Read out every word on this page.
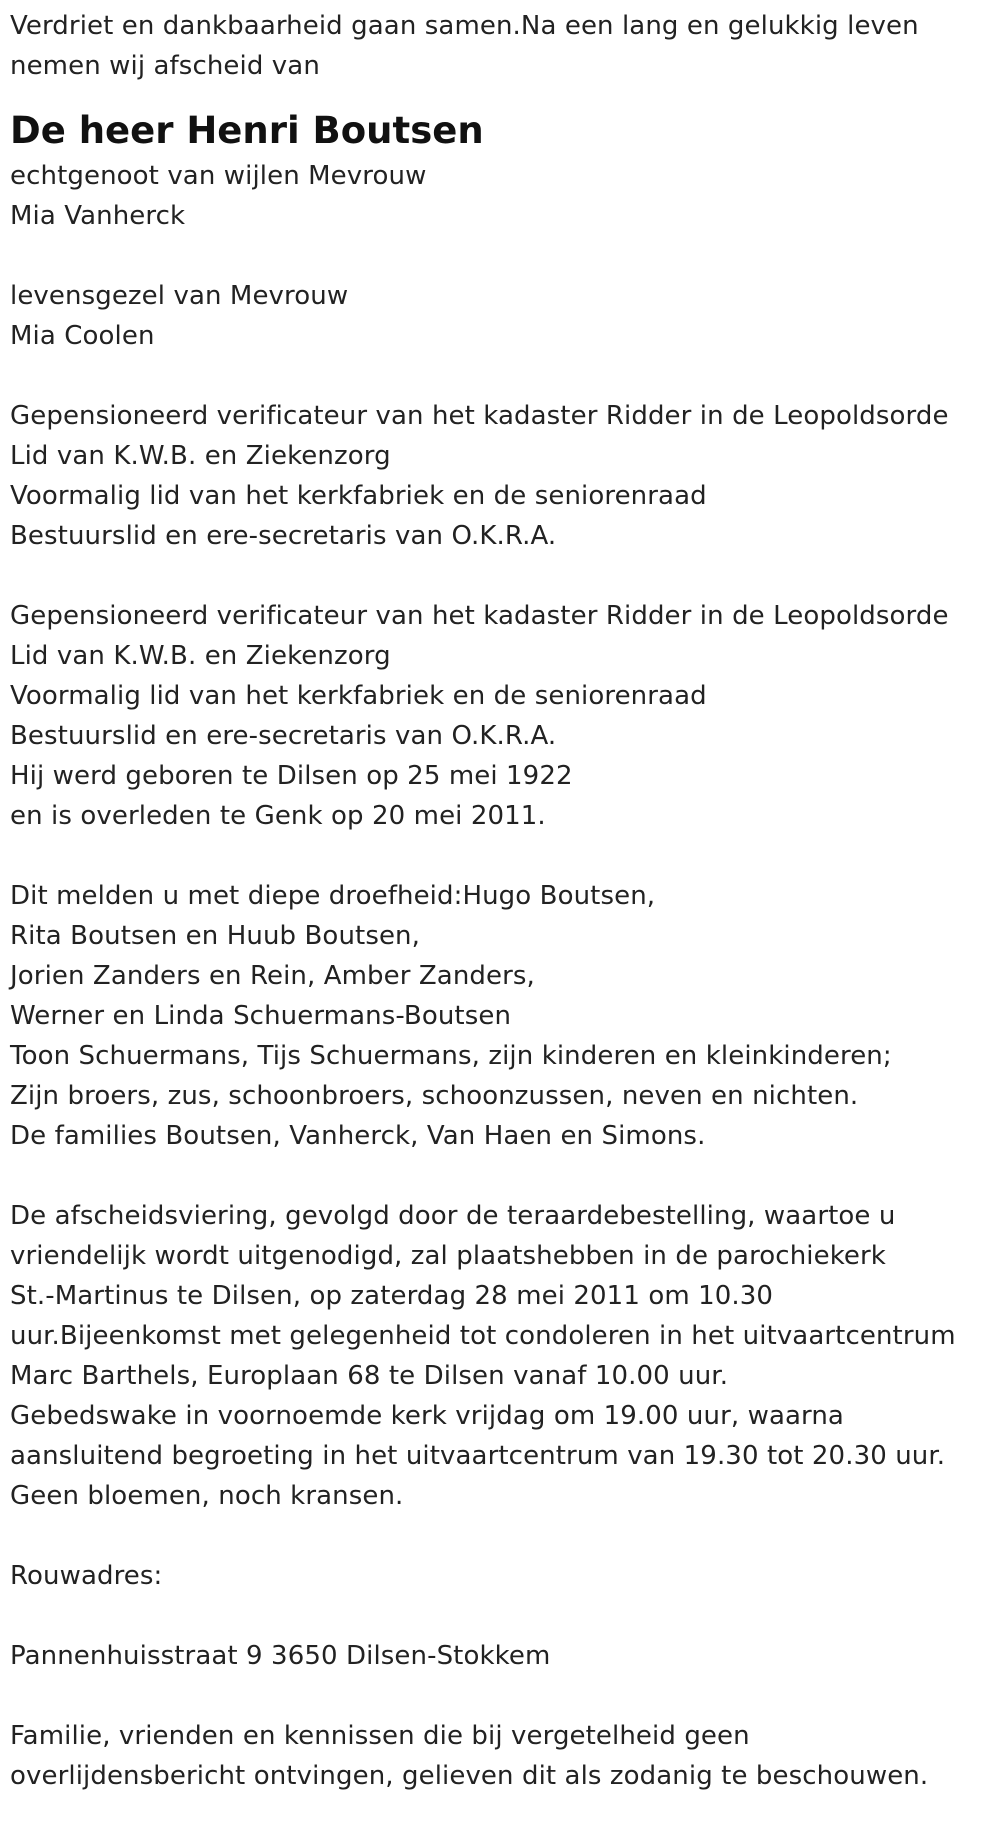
Verdriet en dankbaarheid gaan samen.Na een lang en gelukkig leven
nemen wij afscheid van
De heer Henri Boutsen
echtgenoot van wijlen Mevrouw
Mia Vanherck
levensgezel van Mevrouw
Mia Coolen
Gepensioneerd verificateur van het kadaster Ridder in de Leopoldsorde
Lid van K.W.B. en Ziekenzorg
Voormalig lid van het kerkfabriek en de seniorenraad
Bestuurslid en ere-secretaris van O.K.R.A.
Gepensioneerd verificateur van het kadaster Ridder in de Leopoldsorde
Lid van K.W.B. en Ziekenzorg
Voormalig lid van het kerkfabriek en de seniorenraad
Bestuurslid en ere-secretaris van O.K.R.A.
Hij werd geboren te Dilsen op 25 mei 1922
en is overleden te Genk op 20 mei 2011.
Dit melden u met diepe droefheid:Hugo Boutsen,
Rita Boutsen en Huub Boutsen,
Jorien Zanders en Rein, Amber Zanders,
Werner en Linda Schuermans-Boutsen
Toon Schuermans, Tijs Schuermans, zijn kinderen en kleinkinderen;
Zijn broers, zus, schoonbroers, schoonzussen, neven en nichten.
De families Boutsen, Vanherck, Van Haen en Simons.
De afscheidsviering, gevolgd door de teraardebestelling, waartoe u
vriendelijk wordt uitgenodigd, zal plaatshebben in de parochiekerk
St.-Martinus te Dilsen, op zaterdag 28 mei 2011 om 10.30
uur.Bijeenkomst met gelegenheid tot condoleren in het uitvaartcentrum
Marc Barthels, Europlaan 68 te Dilsen vanaf 10.00 uur.
Gebedswake in voornoemde kerk vrijdag om 19.00 uur, waarna
aansluitend begroeting in het uitvaartcentrum van 19.30 tot 20.30 uur.
Geen bloemen, noch kransen.
Rouwadres:
Pannenhuisstraat 9 3650 Dilsen-Stokkem
Familie, vrienden en kennissen die bij vergetelheid geen
overlijdensbericht ontvingen, gelieven dit als zodanig te beschouwen.
